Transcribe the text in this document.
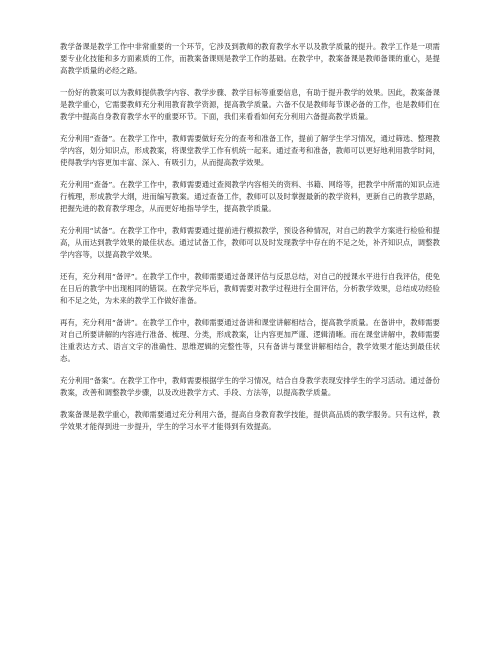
教学备课是教学工作中非常重要的一个环节，它涉及到教师的教育教学水平以及教学质量的提升。教学工作是一项需要专业化技能和多方面素质的工作，而教案备课则是教学工作的基础。在教学中，教案备课是教师备课的重心，是提高教学质量的必经之路。

一份好的教案可以为教师提供教学内容、教学步骤、教学目标等重要信息，有助于提升教学的效果。因此，教案备课是教学重心，它需要教师充分利用教育教学资源，提高教学质量。六备不仅是教师每节课必备的工作，也是教师们在教学中提高自身教育教学水平的重要环节。下面，我们来看看如何充分利用六备提高教学质量。

充分利用“查备”。在教学工作中，教师需要做好充分的查考和准备工作，提前了解学生学习情况，通过筛选、整理教学内容，划分知识点，形成教案，将课堂教学工作有机统一起来。通过查考和准备，教师可以更好地利用教学时间，使得教学内容更加丰富、深入、有吸引力，从而提高教学效果。

充分利用“查备”。在教学工作中，教师需要通过查阅教学内容相关的资料、书籍、网络等，把教学中所需的知识点进行梳理，形成教学大纲，进而编写教案。通过查备工作，教师可以及时掌握最新的教学资料，更新自己的教学思路，把握先进的教育教学理念，从而更好地指导学生，提高教学质量。

充分利用“试备”。在教学工作中，教师需要通过提前进行模拟教学，预设各种情况，对自己的教学方案进行检验和提高，从而达到教学效果的最佳状态。通过试备工作，教师可以及时发现教学中存在的不足之处，补齐知识点，调整教学内容等，以提高教学效果。

还有，充分利用“备评”。在教学工作中，教师需要通过备课评估与反思总结，对自己的授课水平进行自我评估，使免在日后的教学中出现相同的错误。在教学完毕后，教师需要对教学过程进行全面评估，分析教学效果，总结成功经验和不足之处，为未来的教学工作做好准备。

再有，充分利用“备讲”。在教学工作中，教师需要通过备讲和课堂讲解相结合，提高教学质量。在备讲中，教师需要对自己所要讲解的内容进行准备、梳理、分类，形成教案，让内容更加严谨、逻辑清晰。而在课堂讲解中，教师需要注重表达方式、语言文字的准确性、思维逻辑的完整性等，只有备讲与课堂讲解相结合，教学效果才能达到最佳状态。

充分利用“备案”。在教学工作中，教师需要根据学生的学习情况，结合自身教学表现安排学生的学习活动。通过备份教案，改善和调整教学步骤，以及改进教学方式、手段、方法等，以提高教学质量。

教案备课是教学重心，教师需要通过充分利用六备，提高自身教育教学技能，提供高品质的教学服务。只有这样，教学效果才能得到进一步提升，学生的学习水平才能得到有效提高。
